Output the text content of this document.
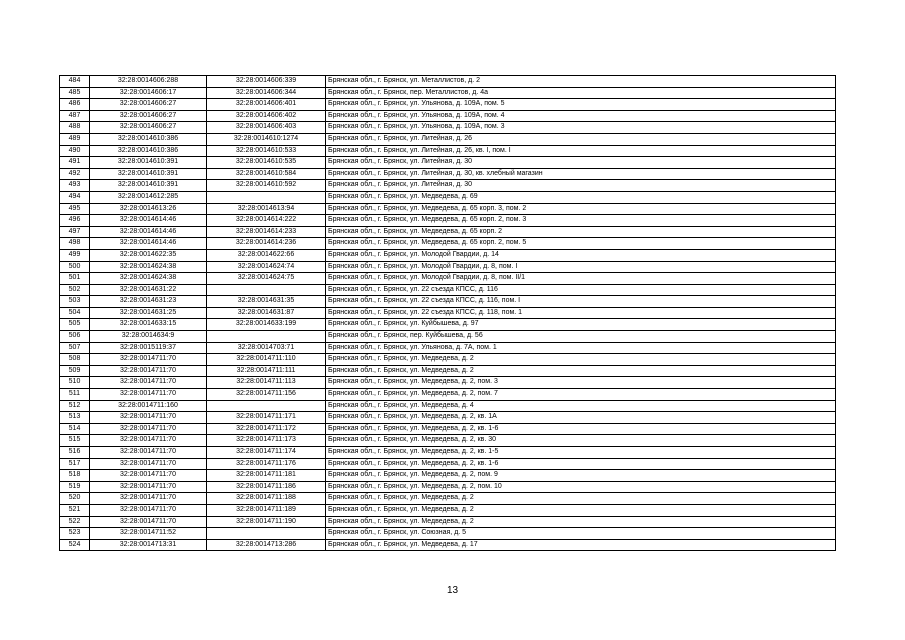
484	32:28:0014606:288	32:28:0014606:339	Брянская обл., г. Брянск, ул. Металлистов, д. 2
485	32:28:0014606:17	32:28:0014606:344	Брянская обл., г. Брянск, пер. Металлистов, д. 4а
486	32:28:0014606:27	32:28:0014606:401	Брянская обл., г. Брянск, ул. Ульянова, д. 109А, пом. 5
487	32:28:0014606:27	32:28:0014606:402	Брянская обл., г. Брянск, ул. Ульянова, д. 109А, пом. 4
488	32:28:0014606:27	32:28:0014606:403	Брянская обл., г. Брянск, ул. Ульянова, д. 109А, пом. 3
489	32:28:0014610:386	32:28:0014610:1274	Брянская обл., г. Брянск, ул. Литейная, д. 26
490	32:28:0014610:386	32:28:0014610:533	Брянская обл., г. Брянск, ул. Литейная, д. 26, кв. I, пом. I
491	32:28:0014610:391	32:28:0014610:535	Брянская обл., г. Брянск, ул. Литейная, д. 30
492	32:28:0014610:391	32:28:0014610:584	Брянская обл., г. Брянск, ул. Литейная, д. 30, кв. хлебный магазин
493	32:28:0014610:391	32:28:0014610:592	Брянская обл., г. Брянск, ул. Литейная, д. 30
494	32:28:0014612:285		Брянская обл., г. Брянск, ул. Медведева, д. 69
495	32:28:0014613:26	32:28:0014613:94	Брянская обл., г. Брянск, ул. Медведева, д. 65 корп. 3, пом. 2
496	32:28:0014614:46	32:28:0014614:222	Брянская обл., г. Брянск, ул. Медведева, д. 65 корп. 2, пом. 3
497	32:28:0014614:46	32:28:0014614:233	Брянская обл., г. Брянск, ул. Медведева, д. 65 корп. 2
498	32:28:0014614:46	32:28:0014614:236	Брянская обл., г. Брянск, ул. Медведева, д. 65 корп. 2, пом. 5
499	32:28:0014622:35	32:28:0014622:66	Брянская обл., г. Брянск, ул. Молодой Гвардии, д. 14
500	32:28:0014624:38	32:28:0014624:74	Брянская обл., г. Брянск, ул. Молодой Гвардии, д. 8, пом. I
501	32:28:0014624:38	32:28:0014624:75	Брянская обл., г. Брянск, ул. Молодой Гвардии, д. 8, пом. II/1
502	32:28:0014631:22		Брянская обл., г. Брянск, ул. 22 съезда КПСС, д. 116
503	32:28:0014631:23	32:28:0014631:35	Брянская обл., г. Брянск, ул. 22 съезда КПСС, д. 116, пом. I
504	32:28:0014631:25	32:28:0014631:87	Брянская обл., г. Брянск, ул. 22 съезда КПСС, д. 118, пом. 1
505	32:28:0014633:15	32:28:0014633:199	Брянская обл., г. Брянск, ул. Куйбышева, д. 97
506	32:28:0014634:9		Брянская обл., г. Брянск, пер. Куйбышева, д. 56
507	32:28:0015119:37	32:28:0014703:71	Брянская обл., г. Брянск, ул. Ульянова, д. 7А, пом. 1
508	32:28:0014711:70	32:28:0014711:110	Брянская обл., г. Брянск, ул. Медведева, д. 2
509	32:28:0014711:70	32:28:0014711:111	Брянская обл., г. Брянск, ул. Медведева, д. 2
510	32:28:0014711:70	32:28:0014711:113	Брянская обл., г. Брянск, ул. Медведева, д. 2, пом. 3
511	32:28:0014711:70	32:28:0014711:156	Брянская обл., г. Брянск, ул. Медведева, д. 2, пом. 7
512	32:28:0014711:160		Брянская обл., г. Брянск, ул. Медведева, д. 4
513	32:28:0014711:70	32:28:0014711:171	Брянская обл., г. Брянск, ул. Медведева, д. 2, кв. 1А
514	32:28:0014711:70	32:28:0014711:172	Брянская обл., г. Брянск, ул. Медведева, д. 2, кв. 1-6
515	32:28:0014711:70	32:28:0014711:173	Брянская обл., г. Брянск, ул. Медведева, д. 2, кв. 30
516	32:28:0014711:70	32:28:0014711:174	Брянская обл., г. Брянск, ул. Медведева, д. 2, кв. 1-5
517	32:28:0014711:70	32:28:0014711:176	Брянская обл., г. Брянск, ул. Медведева, д. 2, кв. 1-6
518	32:28:0014711:70	32:28:0014711:181	Брянская обл., г. Брянск, ул. Медведева, д. 2, пом. 9
519	32:28:0014711:70	32:28:0014711:186	Брянская обл., г. Брянск, ул. Медведева, д. 2, пом. 10
520	32:28:0014711:70	32:28:0014711:188	Брянская обл., г. Брянск, ул. Медведева, д. 2
521	32:28:0014711:70	32:28:0014711:189	Брянская обл., г. Брянск, ул. Медведева, д. 2
522	32:28:0014711:70	32:28:0014711:190	Брянская обл., г. Брянск, ул. Медведева, д. 2
523	32:28:0014711:52		Брянская обл., г. Брянск, ул. Союзная, д. 5
524	32:28:0014713:31	32:28:0014713:286	Брянская обл., г. Брянск, ул. Медведева, д. 17
13
